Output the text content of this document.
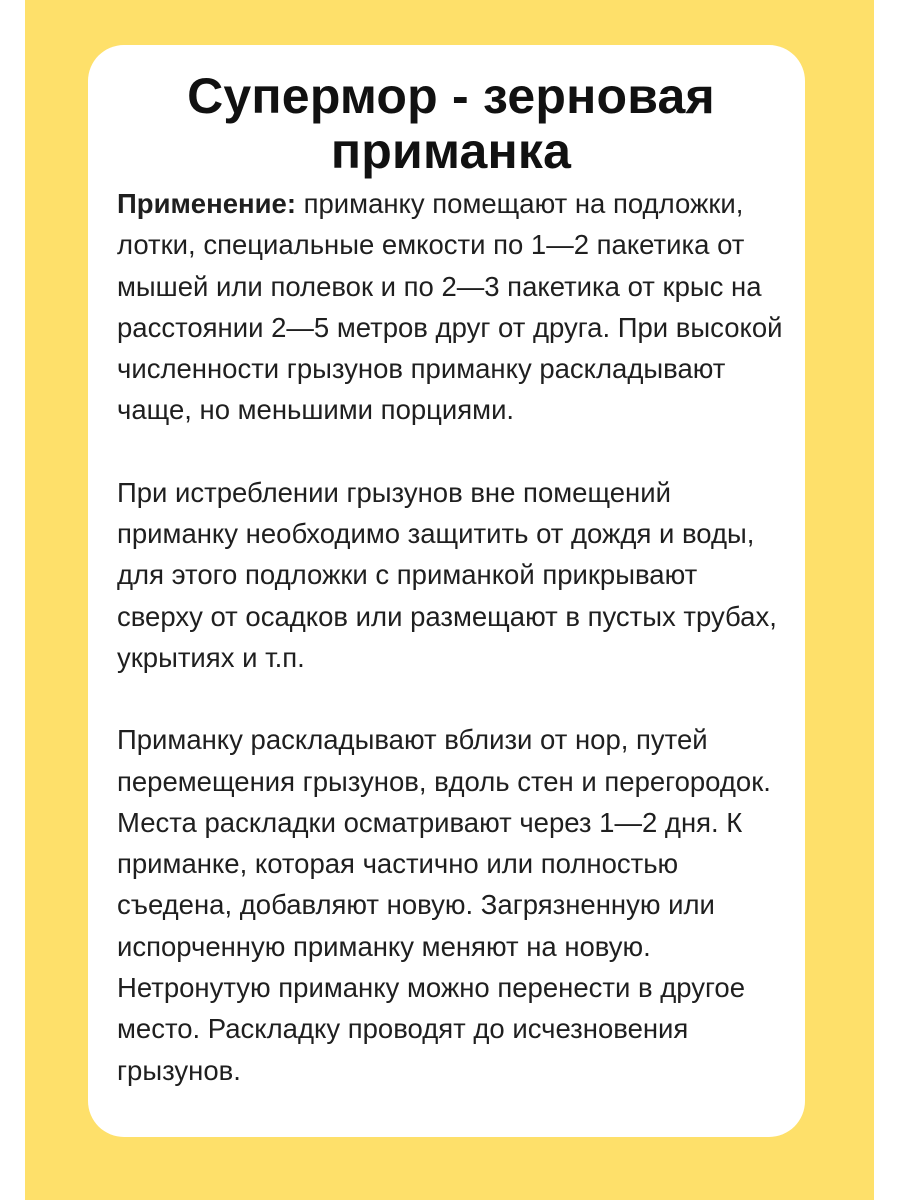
Супермор - зерновая приманка

Применение: приманку помещают на подложки, лотки, специальные емкости по 1—2 пакетика от мышей или полевок и по 2—3 пакетика от крыс на расстоянии 2—5 метров друг от друга. При высокой численности грызунов приманку раскладывают чаще, но меньшими порциями.

При истреблении грызунов вне помещений приманку необходимо защитить от дождя и воды, для этого подложки с приманкой прикрывают сверху от осадков или размещают в пустых трубах, укрытиях и т.п.

Приманку раскладывают вблизи от нор, путей перемещения грызунов, вдоль стен и перегородок. Места раскладки осматривают через 1—2 дня. К приманке, которая частично или полностью съедена, добавляют новую. Загрязненную или испорченную приманку меняют на новую. Нетронутую приманку можно перенести в другое место. Раскладку проводят до исчезновения грызунов.
